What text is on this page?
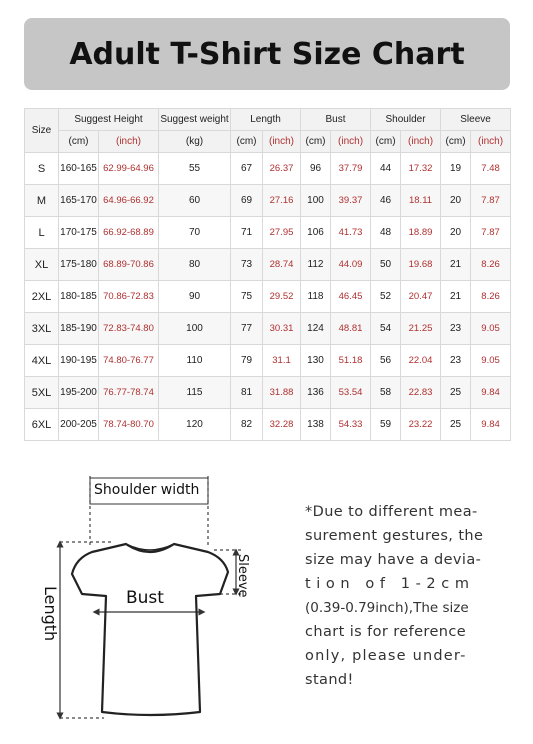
Adult T-Shirt Size Chart
Size	Suggest Height		Suggest weight	Length		Bust		Shoulder		Sleeve	
	(cm)	(inch)	(kg)	(cm)	(inch)	(cm)	(inch)	(cm)	(inch)	(cm)	(inch)
S	160-165	62.99-64.96	55	67	26.37	96	37.79	44	17.32	19	7.48
M	165-170	64.96-66.92	60	69	27.16	100	39.37	46	18.11	20	7.87
L	170-175	66.92-68.89	70	71	27.95	106	41.73	48	18.89	20	7.87
XL	175-180	68.89-70.86	80	73	28.74	112	44.09	50	19.68	21	8.26
2XL	180-185	70.86-72.83	90	75	29.52	118	46.45	52	20.47	21	8.26
3XL	185-190	72.83-74.80	100	77	30.31	124	48.81	54	21.25	23	9.05
4XL	190-195	74.80-76.77	110	79	31.1	130	51.18	56	22.04	23	9.05
5XL	195-200	76.77-78.74	115	81	31.88	136	53.54	58	22.83	25	9.84
6XL	200-205	78.74-80.70	120	82	32.28	138	54.33	59	23.22	25	9.84
Shoulder width
Bust
Length
Sleeve
*Due to different mea-
surement gestures, the
size may have a devia-
tion of 1-2cm
(0.39-0.79inch),The size
chart is for reference
only, please under-
stand!
